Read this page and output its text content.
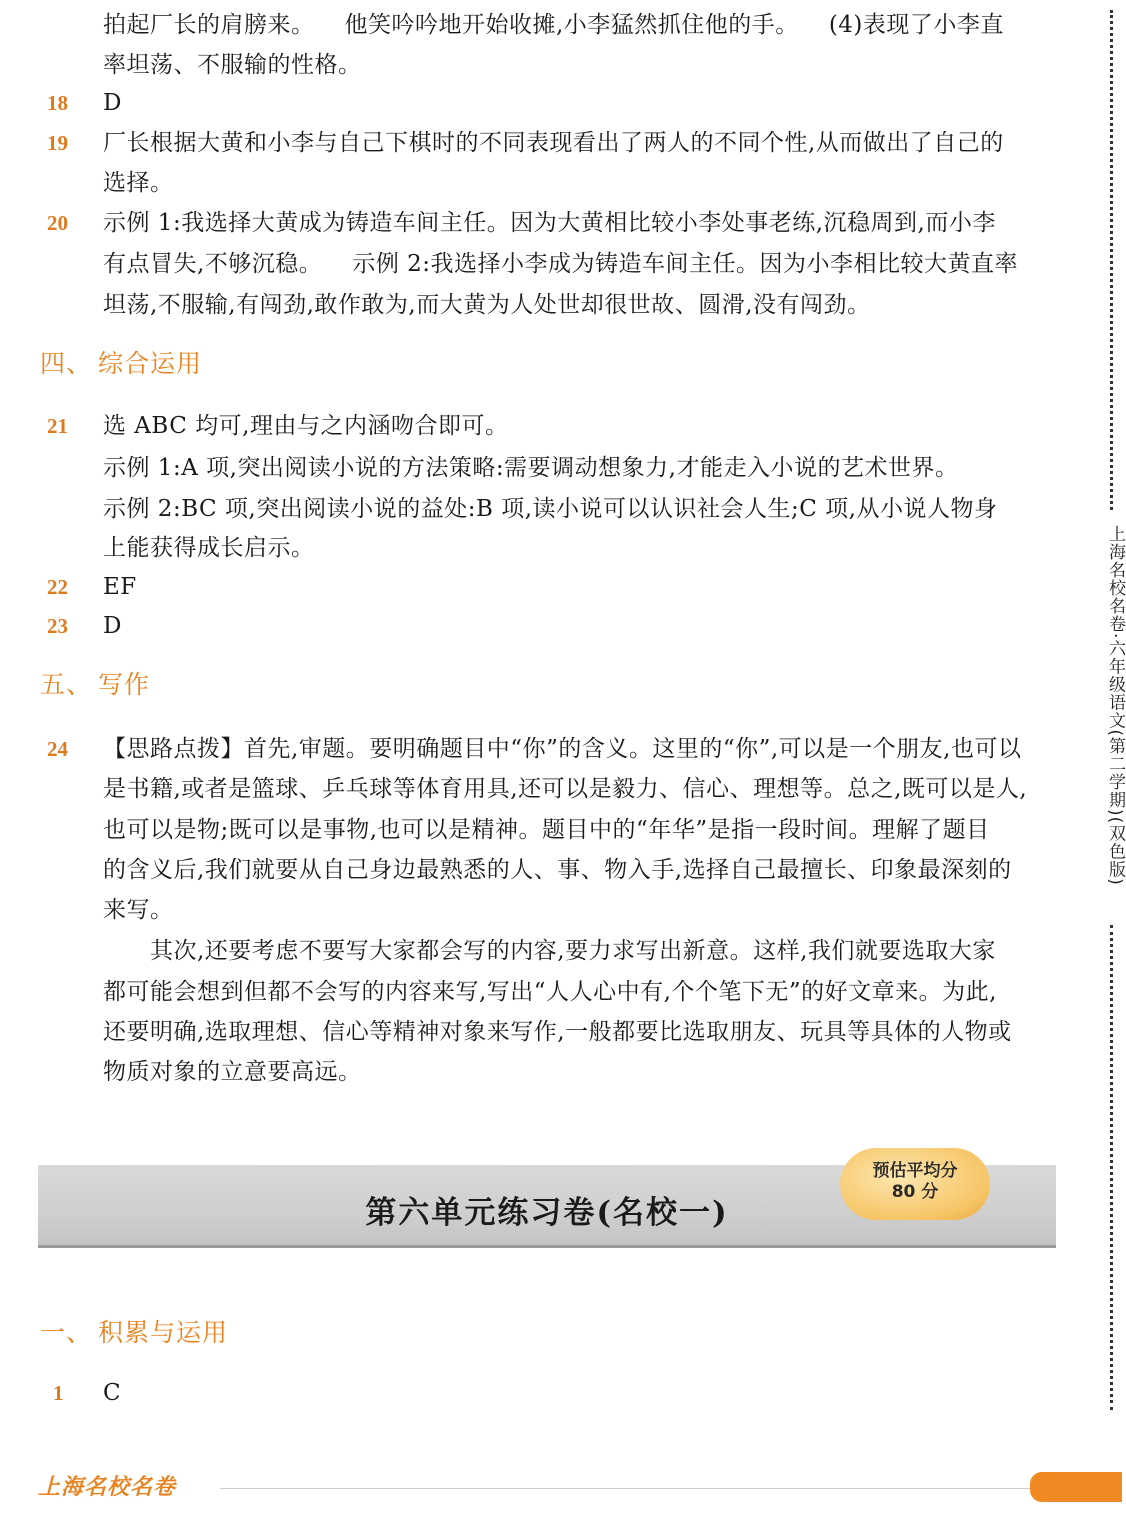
拍起厂长的肩膀来。 他笑吟吟地开始收摊,小李猛然抓住他的手。 (4)表现了小李直
率坦荡、不服输的性格。
18 D
19 厂长根据大黄和小李与自己下棋时的不同表现看出了两人的不同个性,从而做出了自己的
选择。
20 示例 1:我选择大黄成为铸造车间主任。因为大黄相比较小李处事老练,沉稳周到,而小李
有点冒失,不够沉稳。 示例 2:我选择小李成为铸造车间主任。因为小李相比较大黄直率
坦荡,不服输,有闯劲,敢作敢为,而大黄为人处世却很世故、圆滑,没有闯劲。
四、 综合运用
21 选 ABC 均可,理由与之内涵吻合即可。
示例 1:A 项,突出阅读小说的方法策略:需要调动想象力,才能走入小说的艺术世界。
示例 2:BC 项,突出阅读小说的益处:B 项,读小说可以认识社会人生;C 项,从小说人物身
上能获得成长启示。
22 EF
23 D
五、 写作
24 【思路点拨】首先,审题。要明确题目中“你”的含义。这里的“你”,可以是一个朋友,也可以
是书籍,或者是篮球、乒乓球等体育用具,还可以是毅力、信心、理想等。总之,既可以是人,
也可以是物;既可以是事物,也可以是精神。题目中的“年华”是指一段时间。理解了题目
的含义后,我们就要从自己身边最熟悉的人、事、物入手,选择自己最擅长、印象最深刻的
来写。
其次,还要考虑不要写大家都会写的内容,要力求写出新意。这样,我们就要选取大家
都可能会想到但都不会写的内容来写,写出“人人心中有,个个笔下无”的好文章来。为此,
还要明确,选取理想、信心等精神对象来写作,一般都要比选取朋友、玩具等具体的人物或
物质对象的立意要高远。
第六单元练习卷(名校一)
预估平均分
80 分
一、 积累与运用
1 C
上海名校名卷·六年级语文(第二学期)(双色版)
上海名校名卷
